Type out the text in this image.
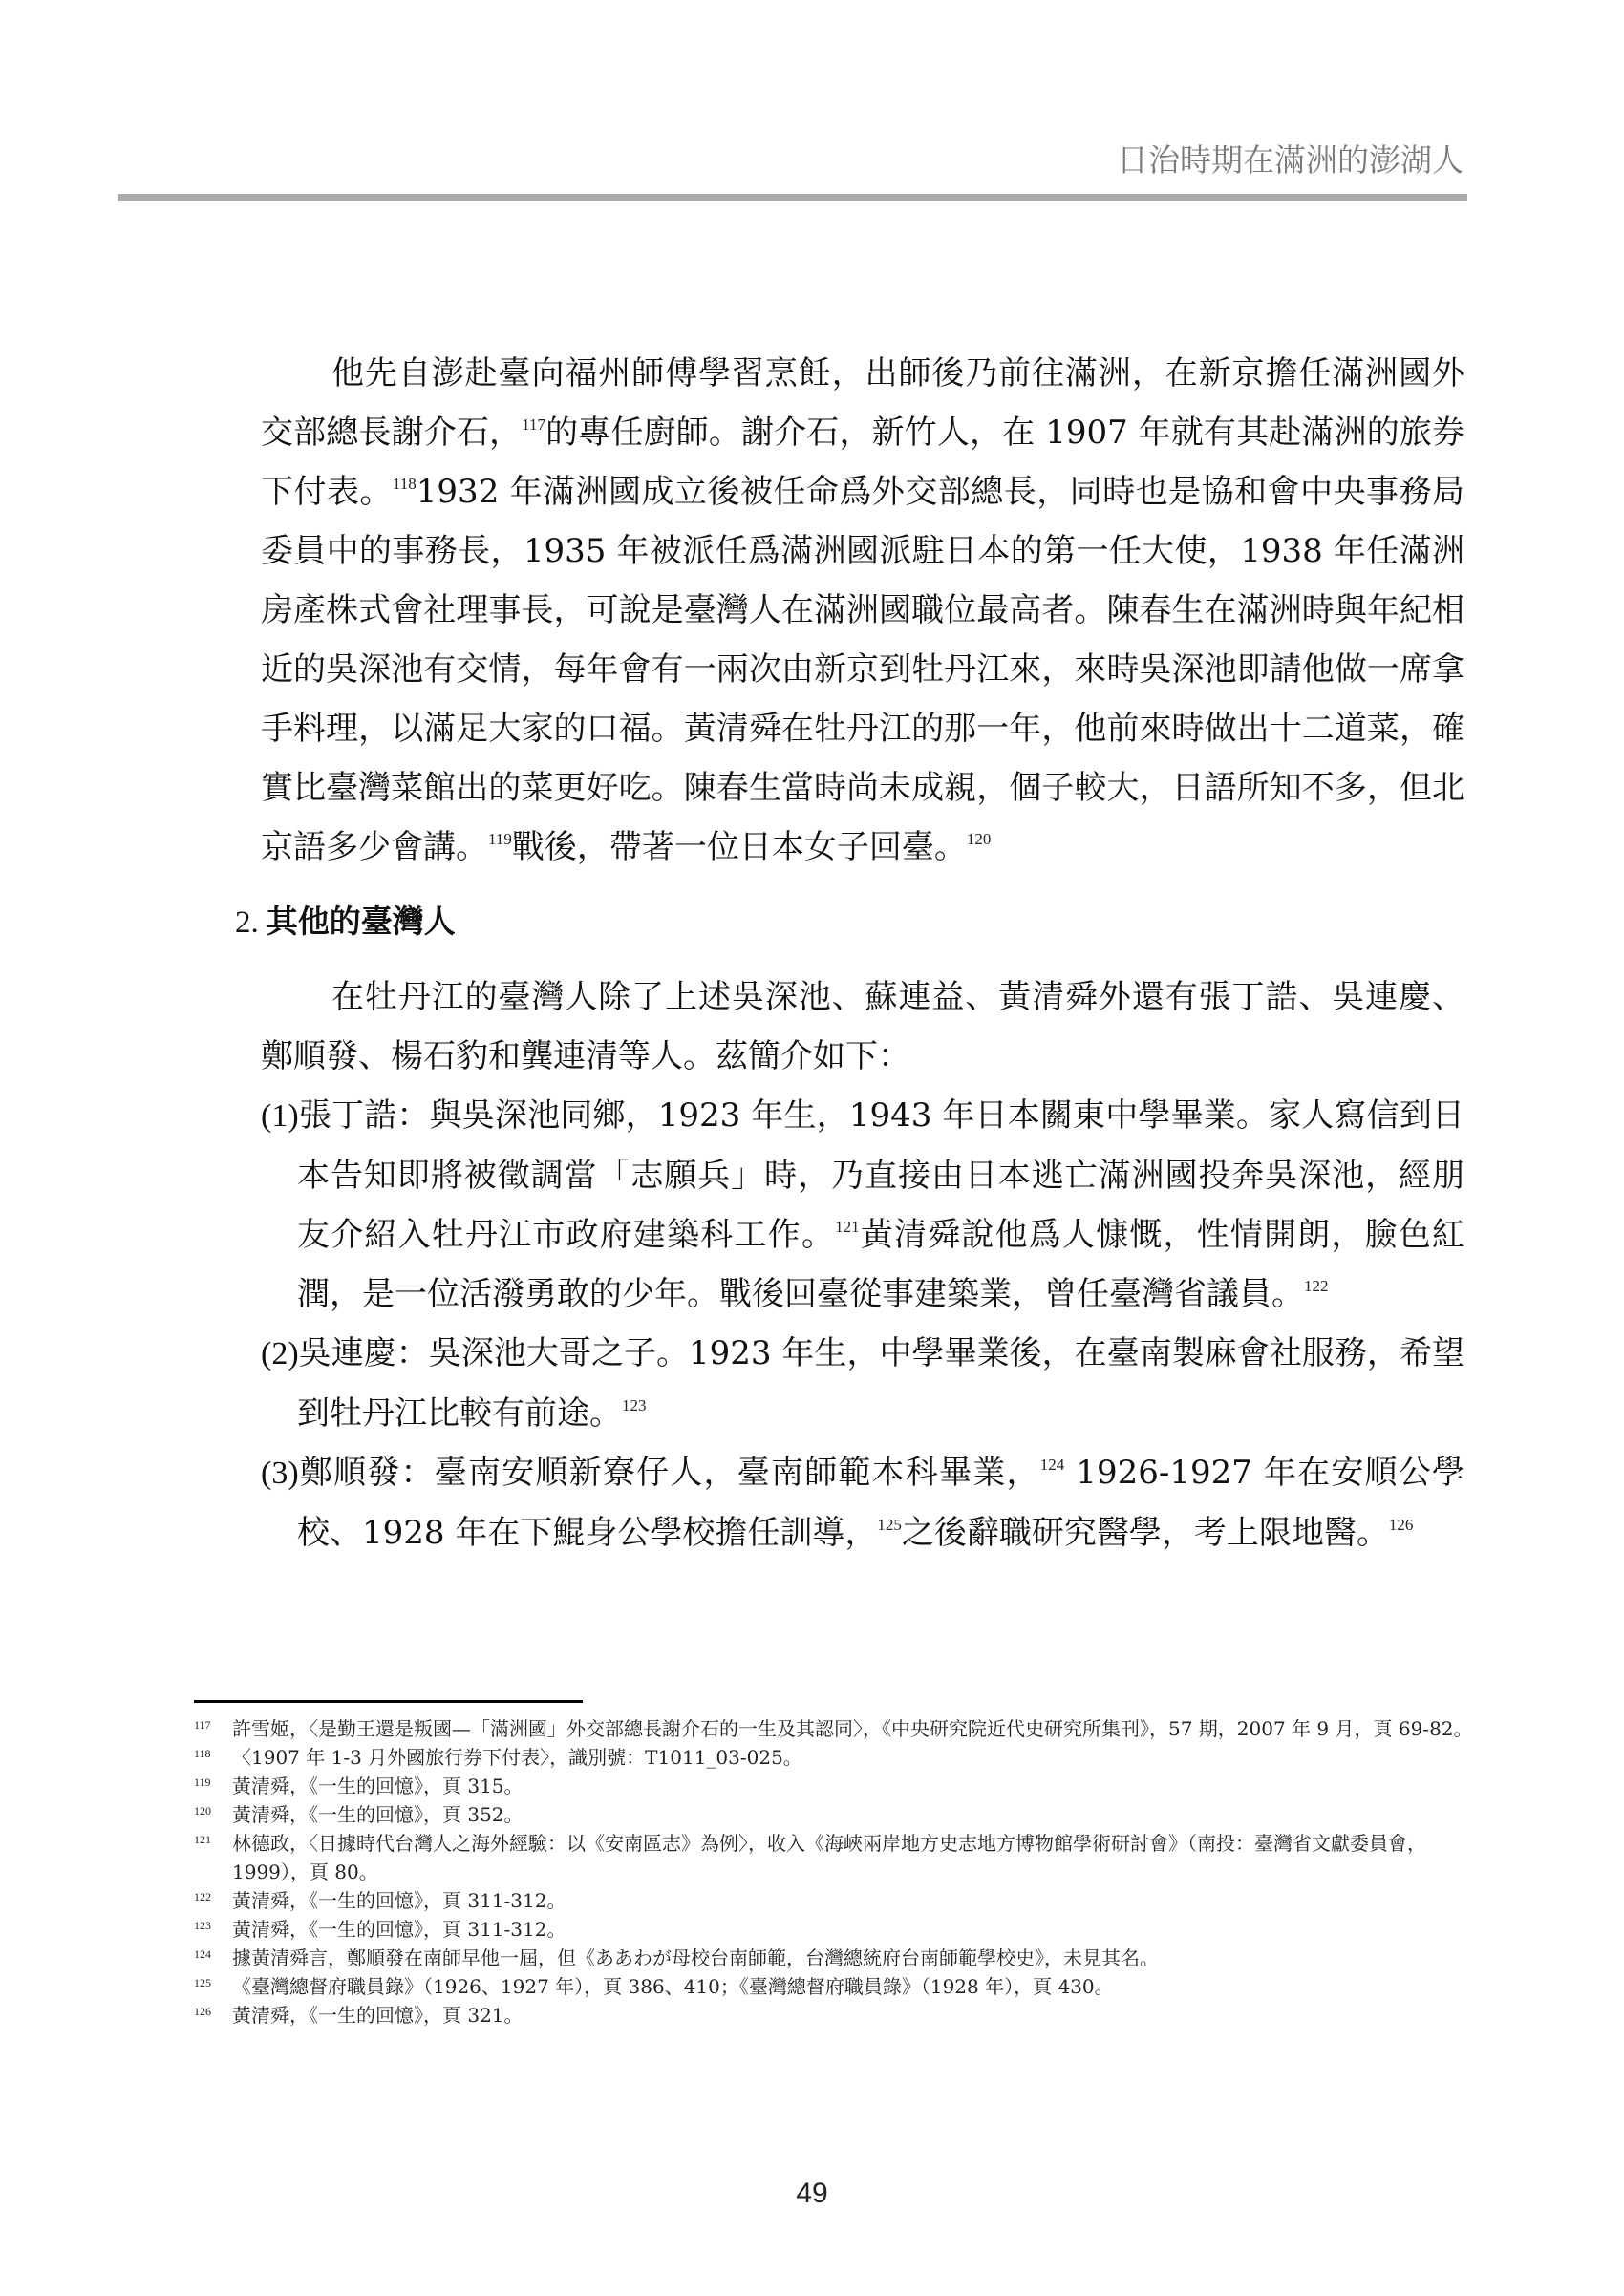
日治時期在滿洲的澎湖人

他先自澎赴臺向福州師傅學習烹飪，出師後乃前往滿洲，在新京擔任滿洲國外交部總長謝介石，$^{117}$的專任廚師。謝介石，新竹人，在 1907 年就有其赴滿洲的旅券下付表。$^{118}$1932 年滿洲國成立後被任命爲外交部總長，同時也是協和會中央事務局委員中的事務長，1935 年被派任爲滿洲國派駐日本的第一任大使，1938 年任滿洲房產株式會社理事長，可說是臺灣人在滿洲國職位最高者。陳春生在滿洲時與年紀相近的吳深池有交情，每年會有一兩次由新京到牡丹江來，來時吳深池即請他做一席拿手料理，以滿足大家的口福。黃清舜在牡丹江的那一年，他前來時做出十二道菜，確實比臺灣菜館出的菜更好吃。陳春生當時尚未成親，個子較大，日語所知不多，但北京語多少會講。$^{119}$戰後，帶著一位日本女子回臺。$^{120}$

2. 其他的臺灣人

在牡丹江的臺灣人除了上述吳深池、蘇連益、黃清舜外還有張丁誥、吳連慶、鄭順發、楊石豹和龔連清等人。茲簡介如下：

(1)張丁誥：與吳深池同鄉，1923 年生，1943 年日本關東中學畢業。家人寫信到日本告知即將被徵調當「志願兵」時，乃直接由日本逃亡滿洲國投奔吳深池，經朋友介紹入牡丹江市政府建築科工作。$^{121}$黃清舜說他爲人慷慨，性情開朗，臉色紅潤，是一位活潑勇敢的少年。戰後回臺從事建築業，曾任臺灣省議員。$^{122}$

(2)吳連慶：吳深池大哥之子。1923 年生，中學畢業後，在臺南製麻會社服務，希望到牡丹江比較有前途。$^{123}$

(3)鄭順發：臺南安順新寮仔人，臺南師範本科畢業，$^{124}$ 1926-1927 年在安順公學校、1928 年在下鯤身公學校擔任訓導，$^{125}$之後辭職研究醫學，考上限地醫。$^{126}$

117 許雪姬，〈是勤王還是叛國—「滿洲國」外交部總長謝介石的一生及其認同〉，《中央研究院近代史研究所集刊》，57 期，2007 年 9 月，頁 69-82。
118 〈1907 年 1-3 月外國旅行券下付表〉，識別號：T1011_03-025。
119 黃清舜，《一生的回憶》，頁 315。
120 黃清舜，《一生的回憶》，頁 352。
121 林德政，〈日據時代台灣人之海外經驗：以《安南區志》為例〉，收入《海峽兩岸地方史志地方博物館學術研討會》（南投：臺灣省文獻委員會，1999），頁 80。
122 黃清舜，《一生的回憶》，頁 311-312。
123 黃清舜，《一生的回憶》，頁 311-312。
124 據黃清舜言，鄭順發在南師早他一屆，但《ああわが母校台南師範，台灣總統府台南師範學校史》，未見其名。
125 《臺灣總督府職員錄》（1926、1927 年），頁 386、410；《臺灣總督府職員錄》（1928 年），頁 430。
126 黃清舜，《一生的回憶》，頁 321。
49
